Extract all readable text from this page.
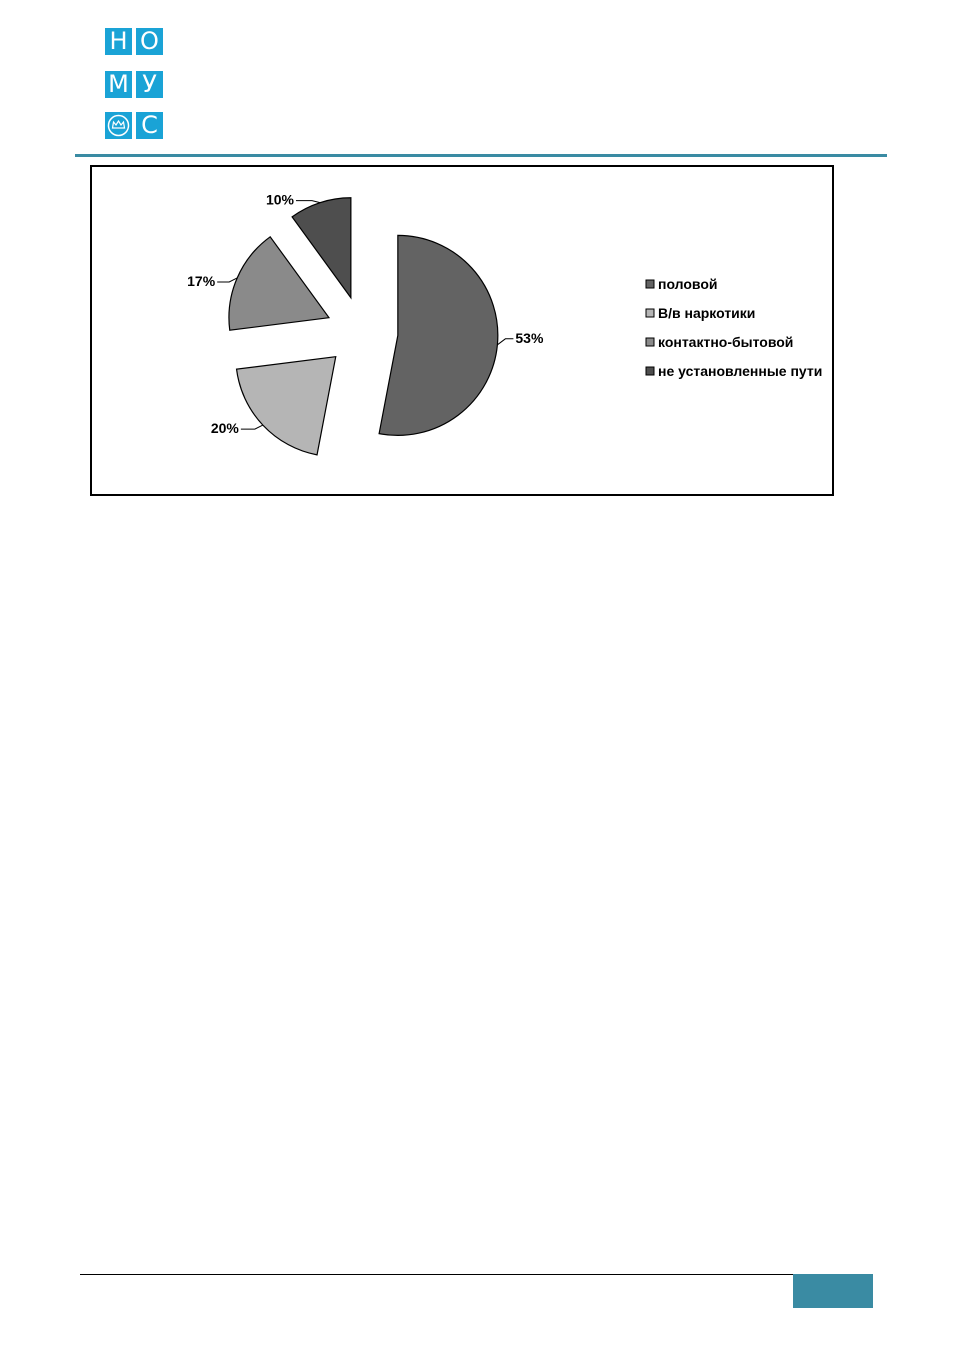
Н О
М У
С
53%
20%
17%
10%
половой
В/в наркотики
контактно-бытовой
не установленные пути
